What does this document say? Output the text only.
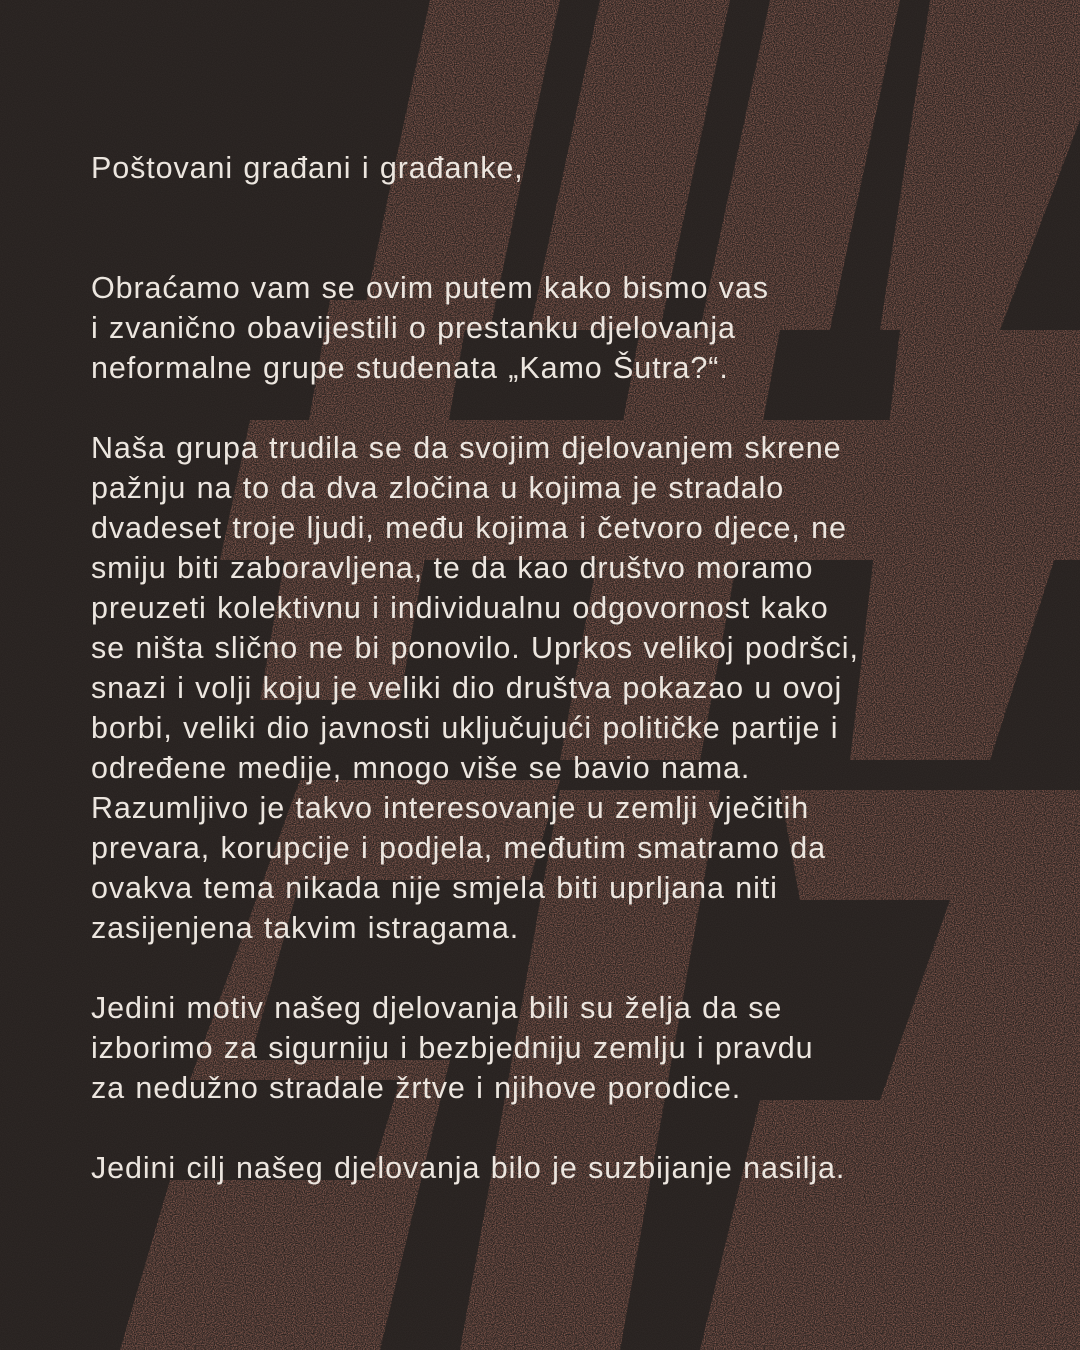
Poštovani građani i građanke,

Obraćamo vam se ovim putem kako bismo vas
i zvanično obavijestili o prestanku djelovanja
neformalne grupe studenata „Kamo Šutra?“.

Naša grupa trudila se da svojim djelovanjem skrene
pažnju na to da dva zločina u kojima je stradalo
dvadeset troje ljudi, među kojima i četvoro djece, ne
smiju biti zaboravljena, te da kao društvo moramo
preuzeti kolektivnu i individualnu odgovornost kako
se ništa slično ne bi ponovilo. Uprkos velikoj podršci,
snazi i volji koju je veliki dio društva pokazao u ovoj
borbi, veliki dio javnosti uključujući političke partije i
određene medije, mnogo više se bavio nama.
Razumljivo je takvo interesovanje u zemlji vječitih
prevara, korupcije i podjela, međutim smatramo da
ovakva tema nikada nije smjela biti uprljana niti
zasijenjena takvim istragama.

Jedini motiv našeg djelovanja bili su želja da se
izborimo za sigurniju i bezbjedniju zemlju i pravdu
za nedužno stradale žrtve i njihove porodice.

Jedini cilj našeg djelovanja bilo je suzbijanje nasilja.
